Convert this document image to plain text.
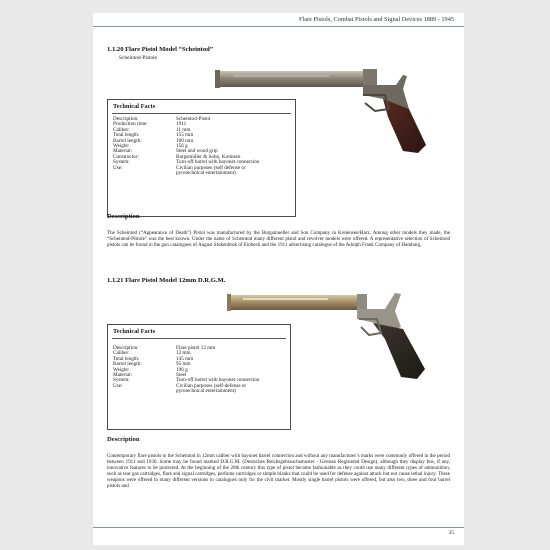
Flare Pistols, Combat Pistols and Signal Devices 1889 - 1945
1.1.20 Flare Pistol Model “Scheintod”
Scheintod-Pistole
Technical Facts
Description:	Scheintod-Pistol
Production time:	1911
Caliber:	11 mm
Total length:	155 mm
Barrel length:	100 mm
Weight:	156 g
Material:	Steel and wood grip
Constructor:	Burgsmüller & Sohn, Kreinsen
System:	Turn-off barrel with bayonet connection
Use:	Civilian purposes (self defense or
	pyrotechnical entertainment)
Description
The Scheintod (“Appearance of Death”) Pistol was manufactured by the Burgsmueller and Son Company in Kreiensen/Harz. Among other models they made, the “Scheintod-Pistole” was the best known. Under the name of Scheintod many different pistol and revolver models were offered. A representative selection of Scheintod pistols can be found in the gun catalogues of August Stukenbrok of Einbeck and the 1911 advertising catalogue of the Adolph Frank Company of Hamburg.
1.1.21 Flare Pistol Model 12mm D.R.G.M.
Technical Facts
Description:	Flare pistol 12 mm
Caliber:	12 mm
Total length:	145 mm
Barrel length:	95 mm
Weight:	196 g
Material:	Steel
System:	Turn-off barrel with bayonet connection
Use:	Civilian purposes (self-defense or
	pyrotechnical entertainment)
Description
Contemporary flare pistols to the Scheintod in 12mm caliber with bayonet barrel connection and without any manufacturer’s marks were commonly offered in the period between 1911 and 1930. Some may be found marked D.R.G.M. (Deutsches Reichsgebrauchsmuster - German Registered Design), although they display few, if any, innovative features to be protected. At the beginning of the 20th century this type of pistol became fashionable as they could use many different types of ammunition, such as tear gas cartridges, flare and signal cartridges, perfume cartridges or simple blanks that could be used for defense against attack but not cause lethal injury. These weapons were offered in many different versions in catalogues only for the civil market. Mostly single barrel pistols were offered, but also two, three and four barrel pistols and
35
